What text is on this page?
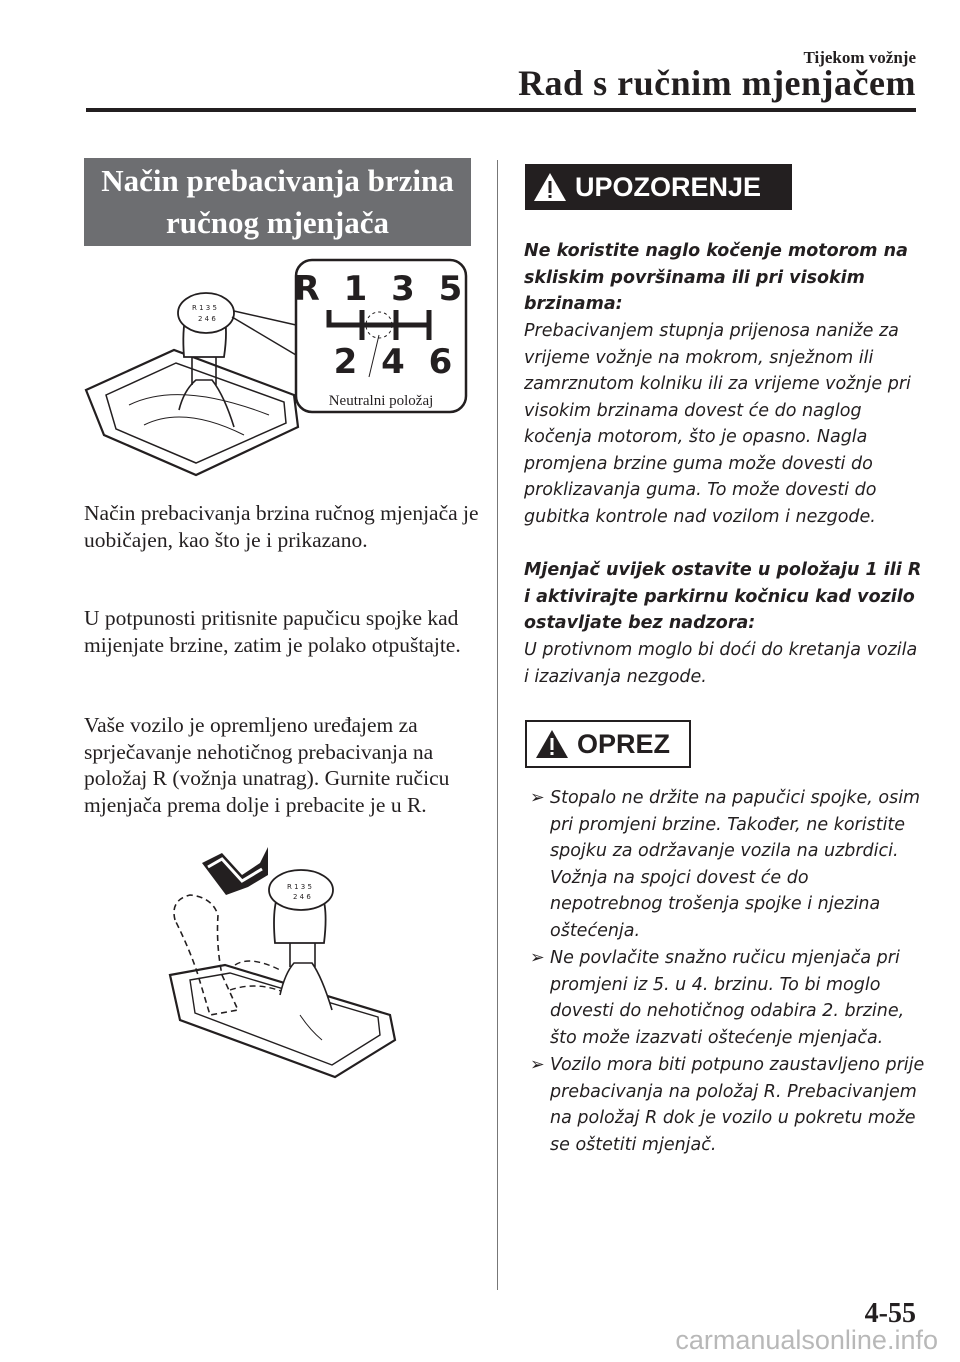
Tijekom vožnje
Rad s ručnim mjenjačem
Način prebacivanja brzina
ručnog mjenjača
R 1 3 5
2 4 6
R 1 3 5
2 4 6
Neutralni položaj

Način prebacivanja brzina ručnog mjenjača je uobičajen, kao što je i prikazano.

U potpunosti pritisnite papučicu spojke kad mijenjate brzine, zatim je polako otpuštajte.

Vaše vozilo je opremljeno uređajem za sprječavanje nehotičnog prebacivanja na položaj R (vožnja unatrag). Gurnite ručicu mjenjača prema dolje i prebacite je u R.

R 1 3 5
2 4 6
UPOZORENJE

Ne koristite naglo kočenje motorom na skliskim površinama ili pri visokim brzinama:

Prebacivanjem stupnja prijenosa naniže za vrijeme vožnje na mokrom, snježnom ili zamrznutom kolniku ili za vrijeme vožnje pri visokim brzinama dovest će do naglog kočenja motorom, što je opasno. Nagla promjena brzine guma može dovesti do proklizavanja guma. To može dovesti do gubitka kontrole nad vozilom i nezgode.

Mjenjač uvijek ostavite u položaju 1 ili R i aktivirajte parkirnu kočnicu kad vozilo ostavljate bez nadzora:

U protivnom moglo bi doći do kretanja vozila i izazivanja nezgode.

OPREZ
➢ Stopalo ne držite na papučici spojke, osim pri promjeni brzine. Također, ne koristite spojku za održavanje vozila na uzbrdici. Vožnja na spojci dovest će do nepotrebnog trošenja spojke i njezina oštećenja.
➢ Ne povlačite snažno ručicu mjenjača pri promjeni iz 5. u 4. brzinu. To bi moglo dovesti do nehotičnog odabira 2. brzine, što može izazvati oštećenje mjenjača.
➢ Vozilo mora biti potpuno zaustavljeno prije prebacivanja na položaj R. Prebacivanjem na položaj R dok je vozilo u pokretu može se oštetiti mjenjač.
4-55
carmanualsonline.info
